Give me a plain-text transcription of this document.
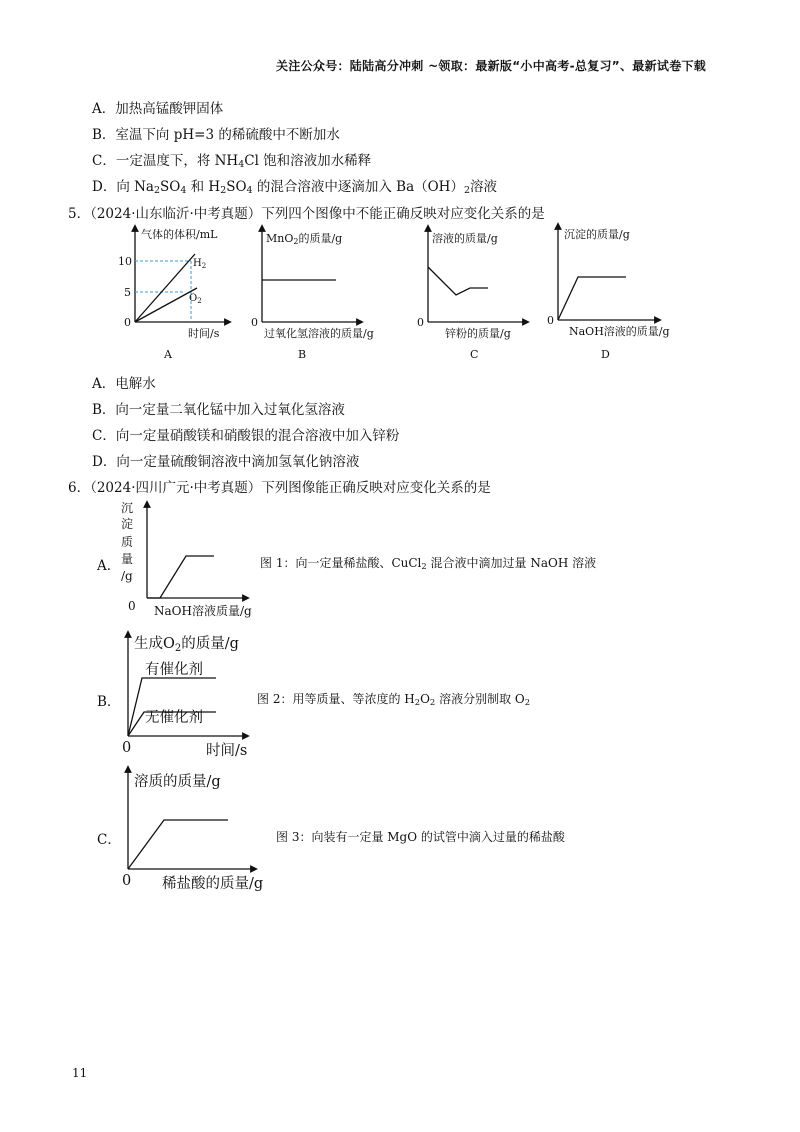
关注公众号：陆陆高分冲刺 ~领取：最新版“小中高考-总复习”、最新试卷下载
A．加热高锰酸钾固体
B．室温下向 pH=3 的稀硫酸中不断加水
C．一定温度下，将 $NH_4Cl$ 饱和溶液加水稀释
D．向 $Na_2SO_4$ 和 $H_2SO_4$ 的混合溶液中逐滴加入 $Ba(OH)_2$溶液
5．（2024·山东临沂·中考真题）下列四个图像中不能正确反映对应变化关系的是
气体的体积/mL
10
5
0
$H_2$
$O_2$
时间/s
A
MnO2的质量/g
0
过氧化氢溶液的质量/g
B
溶液的质量/g
0
锌粉的质量/g
C
沉淀的质量/g
0
NaOH溶液的质量/g
D
A．电解水
B．向一定量二氧化锰中加入过氧化氢溶液
C．向一定量硝酸镁和硝酸银的混合溶液中加入锌粉
D．向一定量硫酸铜溶液中滴加氢氧化钠溶液
6．（2024·四川广元·中考真题）下列图像能正确反映对应变化关系的是
A．
沉
淀
质
量
/g
0 NaOH溶液质量/g
图 1：向一定量稀盐酸、CuCl$_2$ 混合液中滴加过量 NaOH 溶液
B．
生成$O_2$的质量/g
有催化剂
无催化剂
0	时间/s
图 2：用等质量、等浓度的 $H_2O_2$ 溶液分别制取 $O_2$
C．
溶质的质量/g
0 稀盐酸的质量/g
图 3：向装有一定量 MgO 的试管中滴入过量的稀盐酸
11
